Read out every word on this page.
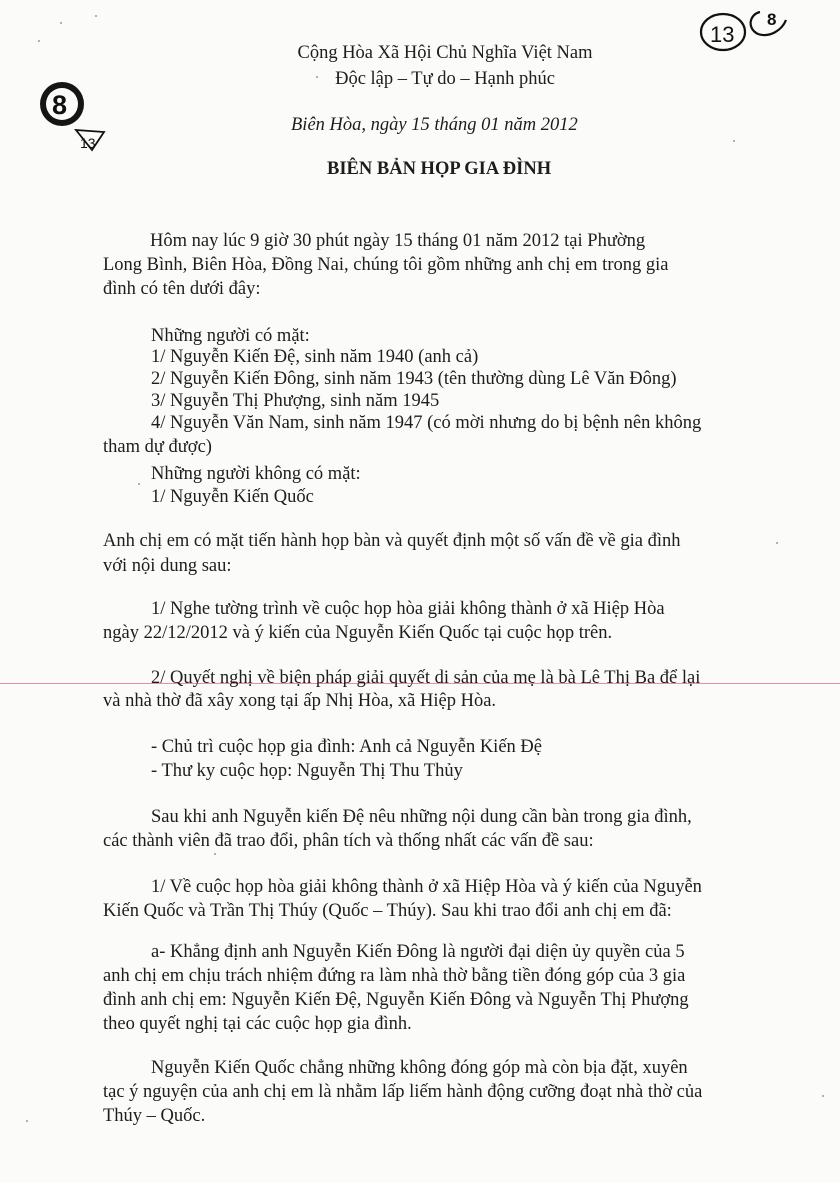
13
8
8
13
Cộng Hòa Xã Hội Chủ Nghĩa Việt Nam
Độc lập – Tự do – Hạnh phúc
Biên Hòa, ngày 15 tháng 01 năm 2012
BIÊN BẢN HỌP GIA ĐÌNH
Hôm nay lúc 9 giờ 30 phút ngày 15 tháng 01 năm 2012 tại Phường
Long Bình, Biên Hòa, Đồng Nai, chúng tôi gồm những anh chị em trong gia
đình có tên dưới đây:
Những người có mặt:
1/ Nguyễn Kiến Đệ, sinh năm 1940 (anh cả)
2/ Nguyễn Kiến Đông, sinh năm 1943 (tên thường dùng Lê Văn Đông)
3/ Nguyễn Thị Phượng, sinh năm 1945
4/ Nguyễn Văn Nam, sinh năm 1947 (có mời nhưng do bị bệnh nên không
tham dự được)
Những người không có mặt:
1/ Nguyễn Kiến Quốc
Anh chị em có mặt tiến hành họp bàn và quyết định một số vấn đề về gia đình
với nội dung sau:
1/ Nghe tường trình về cuộc họp hòa giải không thành ở xã Hiệp Hòa
ngày 22/12/2012 và ý kiến của Nguyễn Kiến Quốc tại cuộc họp trên.
2/ Quyết nghị về biện pháp giải quyết di sản của mẹ là bà Lê Thị Ba để lại
và nhà thờ đã xây xong tại ấp Nhị Hòa, xã Hiệp Hòa.
- Chủ trì cuộc họp gia đình: Anh cả Nguyễn Kiến Đệ
- Thư ky cuộc họp: Nguyễn Thị Thu Thủy
Sau khi anh Nguyễn kiến Đệ nêu những nội dung cần bàn trong gia đình,
các thành viên đã trao đổi, phân tích và thống nhất các vấn đề sau:
1/ Về cuộc họp hòa giải không thành ở xã Hiệp Hòa và ý kiến của Nguyễn
Kiến Quốc và Trần Thị Thúy (Quốc – Thúy). Sau khi trao đổi anh chị em đã:
a- Khẳng định anh Nguyễn Kiến Đông là người đại diện ủy quyền của 5
anh chị em chịu trách nhiệm đứng ra làm nhà thờ bằng tiền đóng góp của 3 gia
đình anh chị em: Nguyễn Kiến Đệ, Nguyễn Kiến Đông và Nguyễn Thị Phượng
theo quyết nghị tại các cuộc họp gia đình.
Nguyễn Kiến Quốc chẳng những không đóng góp mà còn bịa đặt, xuyên
tạc ý nguyện của anh chị em là nhằm lấp liếm hành động cưỡng đoạt nhà thờ của
Thúy – Quốc.
